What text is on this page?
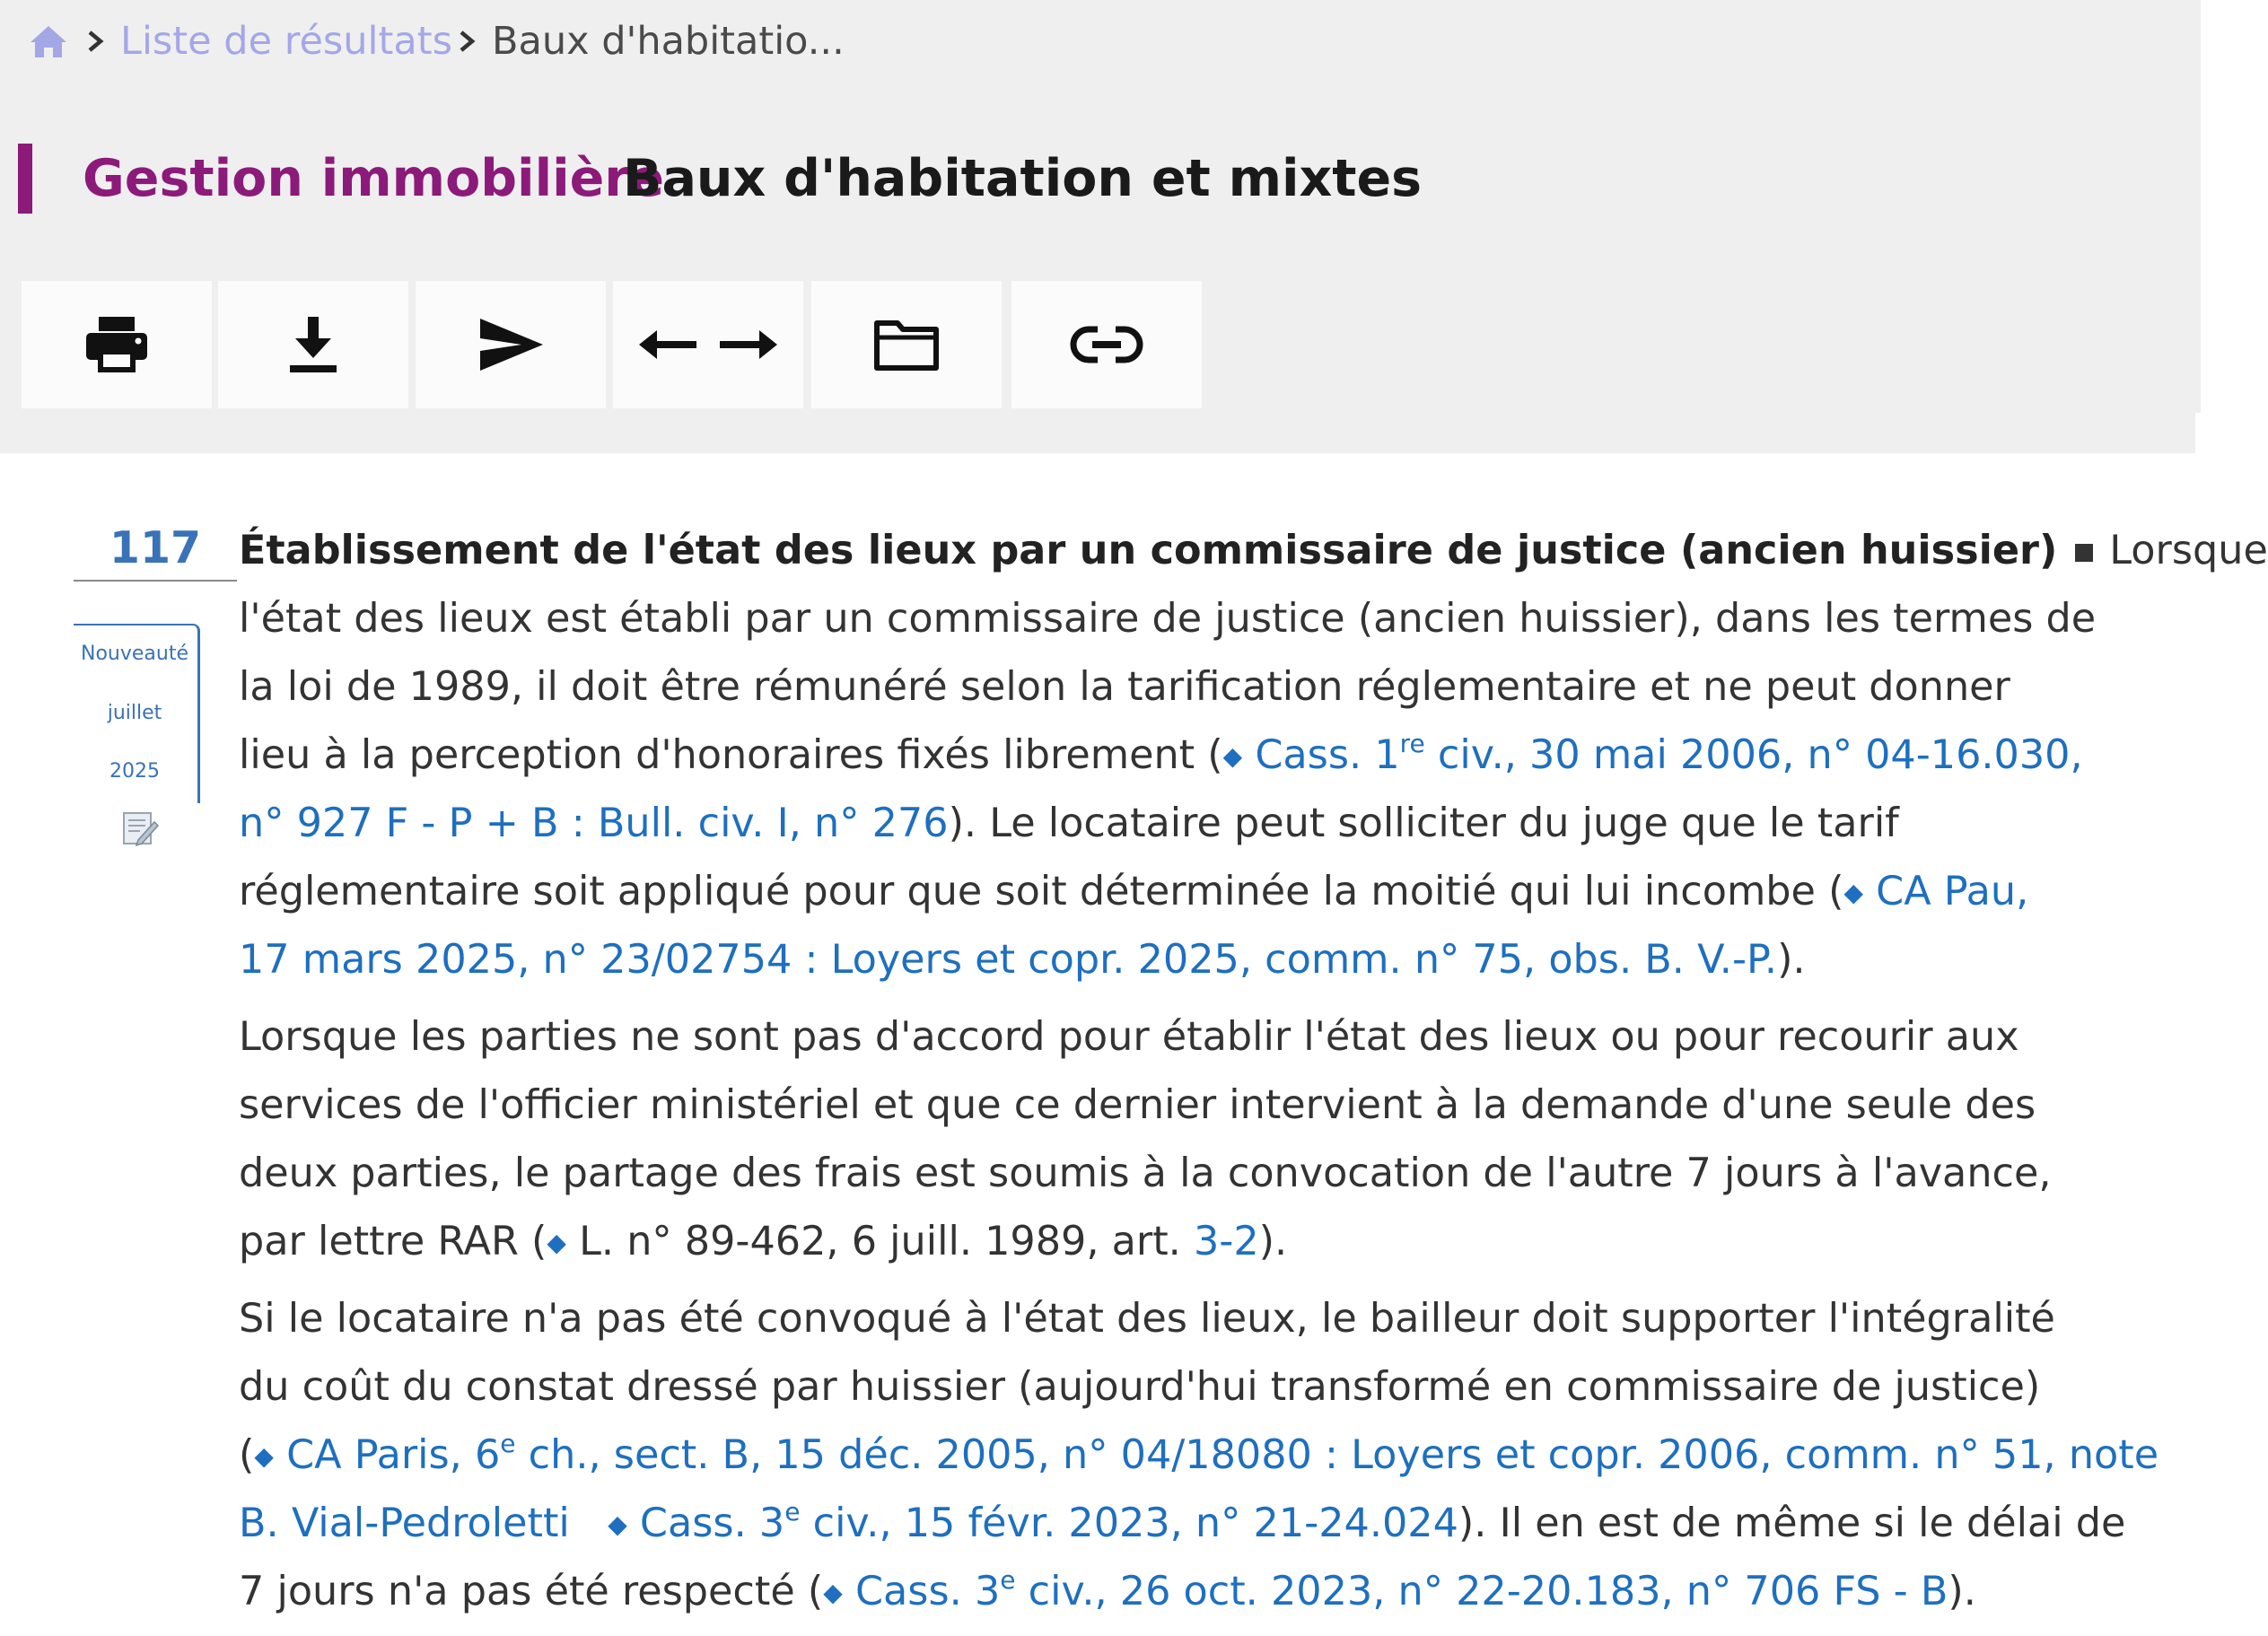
Liste de résultats Baux d'habitatio...
Gestion immobilière
Baux d'habitation et mixtes
117
Nouveauté
juillet
2025
Établissement de l'état des lieux par un commissaire de justice (ancien huissier) Lorsque
l'état des lieux est établi par un commissaire de justice (ancien huissier), dans les termes de
la loi de 1989, il doit être rémunéré selon la tarification réglementaire et ne peut donner
lieu à la perception d'honoraires fixés librement (◆ Cass. 1re civ., 30 mai 2006, n° 04-16.030,
n° 927 F - P + B : Bull. civ. I, n° 276). Le locataire peut solliciter du juge que le tarif
réglementaire soit appliqué pour que soit déterminée la moitié qui lui incombe (◆ CA Pau,
17 mars 2025, n° 23/02754 : Loyers et copr. 2025, comm. n° 75, obs. B. V.-P.).
Lorsque les parties ne sont pas d'accord pour établir l'état des lieux ou pour recourir aux
services de l'officier ministériel et que ce dernier intervient à la demande d'une seule des
deux parties, le partage des frais est soumis à la convocation de l'autre 7 jours à l'avance,
par lettre RAR (◆ L. n° 89-462, 6 juill. 1989, art. 3-2).
Si le locataire n'a pas été convoqué à l'état des lieux, le bailleur doit supporter l'intégralité
du coût du constat dressé par huissier (aujourd'hui transformé en commissaire de justice)
(◆ CA Paris, 6e ch., sect. B, 15 déc. 2005, n° 04/18080 : Loyers et copr. 2006, comm. n° 51, note
B. Vial-Pedroletti ◆ Cass. 3e civ., 15 févr. 2023, n° 21-24.024). Il en est de même si le délai de
7 jours n'a pas été respecté (◆ Cass. 3e civ., 26 oct. 2023, n° 22-20.183, n° 706 FS - B).
